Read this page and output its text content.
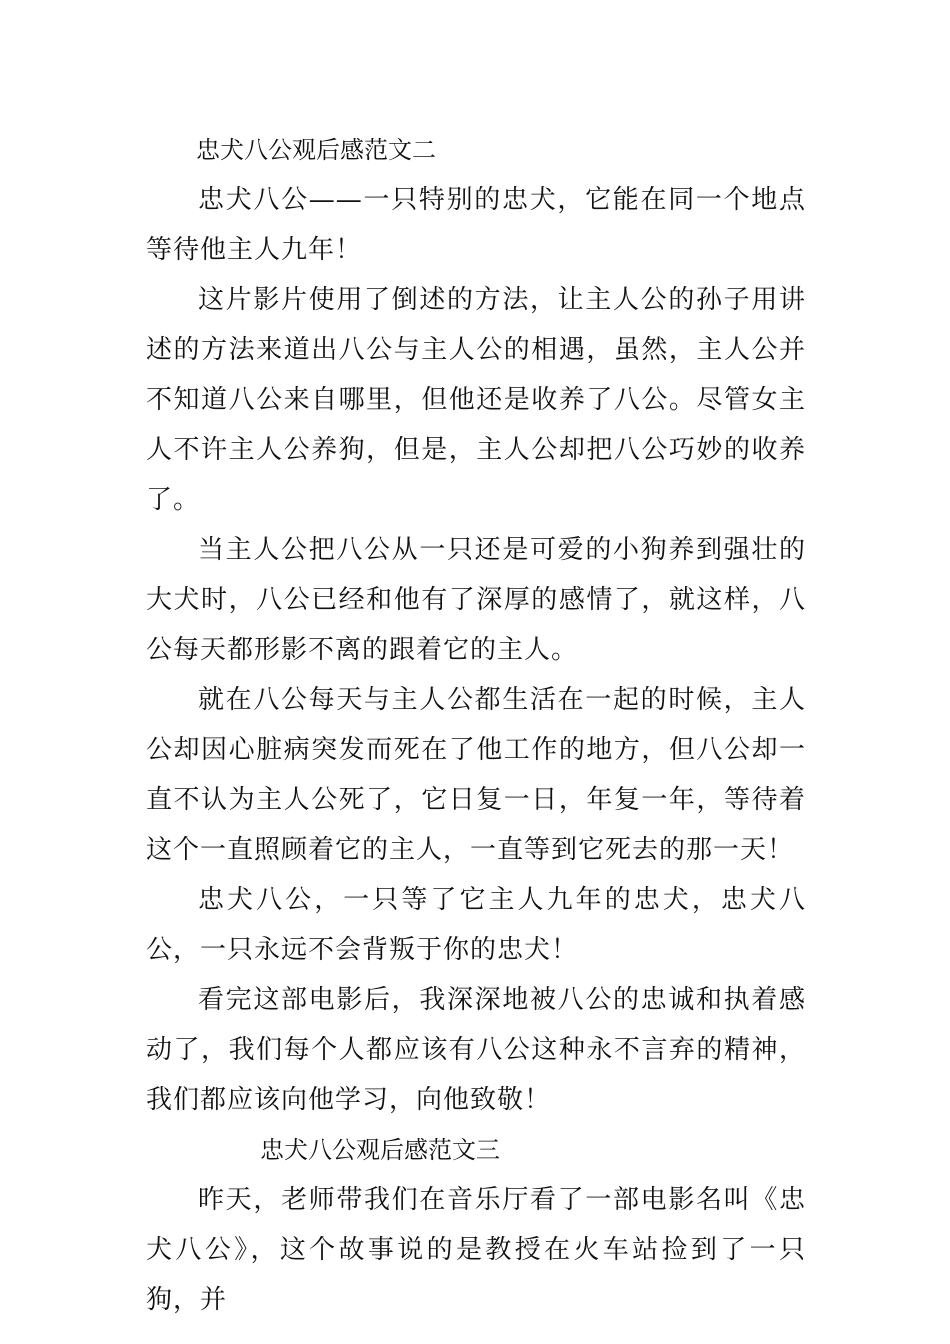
忠犬八公观后感范文二

忠犬八公——一只特别的忠犬，它能在同一个地点等待他主人九年！

这片影片使用了倒述的方法，让主人公的孙子用讲述的方法来道出八公与主人公的相遇，虽然，主人公并不知道八公来自哪里，但他还是收养了八公。尽管女主人不许主人公养狗，但是，主人公却把八公巧妙的收养了。

当主人公把八公从一只还是可爱的小狗养到强壮的大犬时，八公已经和他有了深厚的感情了，就这样，八公每天都形影不离的跟着它的主人。

就在八公每天与主人公都生活在一起的时候，主人公却因心脏病突发而死在了他工作的地方，但八公却一直不认为主人公死了，它日复一日，年复一年，等待着这个一直照顾着它的主人，一直等到它死去的那一天！

忠犬八公，一只等了它主人九年的忠犬，忠犬八公，一只永远不会背叛于你的忠犬！

看完这部电影后，我深深地被八公的忠诚和执着感动了，我们每个人都应该有八公这种永不言弃的精神，我们都应该向他学习，向他致敬！

忠犬八公观后感范文三

昨天，老师带我们在音乐厅看了一部电影名叫《忠犬八公》，这个故事说的是教授在火车站捡到了一只狗，并
